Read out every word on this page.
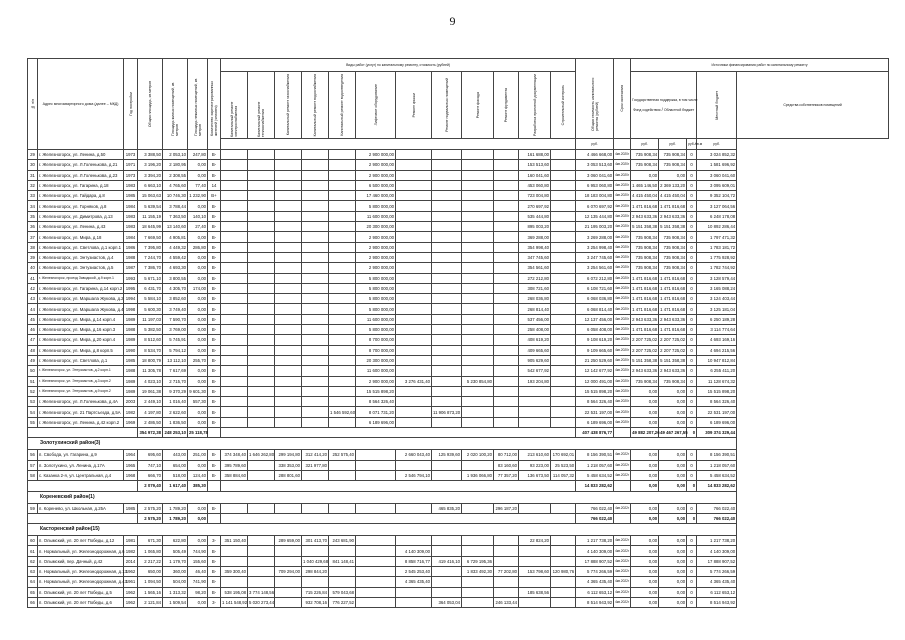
9
№ п/п	Адрес многоквартирного дома (далее – МКД)	Год постройки	Общая площадь, кв.метров	Площадь жилых помещений, кв. метров	Площадь нежилых помещений, кв. метров	Количество зарегистрированных жителей (человек)	Виды работ (услуг) по капитальному ремонту, стоимость (рублей)												Общая стоимость капитального ремонта (рублей)	Срок окончания	Источники финансирования работ по капитальному ремонту				

							Капитальный ремонт электроснабжения	Капитальный ремонт теплоснабжения	Капитальный ремонт газоснабжения	Капитальный ремонт водоснабжения	Капитальный ремонт водоотведения	Лифтовое оборудование	Ремонт крыши	Ремонт подвальных помещений	Ремонт фасада	Ремонт фундамента	Разработка проектной документации	Строительный контроль			Государственная поддержка, в том числе
Фонд содействия / Областной бюджет			Местный бюджет	Средства собственников помещений
																			руб.		руб.	руб.	руб./кв.м	руб.	
29	г. Железногорск, ул. Ленина, д.50	1973	3 388,50	2 053,10	247,80	В-						2 900 000,00					161 688,00		4 466 668,00	4кв.2020г	735 908,34	735 908,34	0	3 024 852,32	
30	г. Железногорск, ул. Л.Голенькова, д.21	1971	3 196,20	2 180,95	0,00	В-						2 900 000,00					153 513,60		3 053 513,60	4кв.2020г	735 908,34	735 908,34	0	1 581 696,92	
31	г. Железногорск, ул. Л.Голенькова, д.23	1973	3 394,20	2 308,55	0,00	В-						2 900 000,00					160 041,60		3 060 041,60	4кв.2020г	0,00	0,00	0	3 060 041,60	
32	г. Железногорск, ул. Гагарина, д.18	1983	6 663,10	4 765,60	77,40	14						6 500 000,00					453 060,80		6 953 060,80	4кв.2020г	1 465 146,50	2 369 133,20	0	3 095 609,01	
33	г. Железногорск, ул. Гайдара, д.8	1985	15 063,63	10 746,30	1 232,90	В+						17 460 000,00					723 004,80		18 183 004,80	4кв.2020г	4 415 450,04	4 415 450,04	0	9 352 104,72	
34	г. Железногорск, ул. Горняков, д.8	1984	5 639,54	3 788,44	0,00	В-						5 800 000,00					270 697,92		6 070 697,92	4кв.2020г	1 471 816,68	1 471 816,68	0	3 127 064,56	
35	г. Железногорск, ул. Димитрова, д.13	1983	11 155,19	7 363,50	140,10	В-						11 600 000,00					535 444,80		12 135 444,80	4кв.2020г	2 943 633,36	2 943 633,36	0	6 248 178,08	
36	г. Железногорск, ул. Ленина, д.43	1983	18 645,99	13 140,60	27,40	В-						20 300 000,00					895 003,20		21 195 003,20	4кв.2020г	5 151 358,38	5 151 358,38	0	10 892 286,44	
37	г. Железногорск, ул. Мира, д.18	1984	7 669,50	4 905,81	0,00	В-						2 900 000,00					369 288,00		3 269 288,00	4кв.2020г	735 908,34	735 908,34	0	1 797 471,32	
38	г. Железногорск, ул. Светлова, д.1 корп.1	1986	7 395,80	4 449,32	286,80	В-						2 900 000,00					354 998,40		3 254 998,40	4кв.2020г	735 908,34	735 908,34	0	1 783 181,72	
39	г. Железногорск, ул. Энтузиастов, д.4	1988	7 244,70	4 559,42	0,00	В-						2 900 000,00					347 745,60		3 247 745,60	4кв.2020г	735 908,34	735 908,34	0	1 775 928,92	
40	г. Железногорск, ул. Энтузиастов, д.5	1987	7 386,70	4 693,30	0,00	В-						2 900 000,00					354 561,60		3 254 561,60	4кв.2020г	735 908,34	735 908,34	0	1 782 744,92	
41	г. Железногорск, проезд Заводской, д.9 корп.1	1993	5 671,10	3 800,55	0,00	В-						5 800 000,00					272 212,80		6 072 212,80	4кв.2020г	1 471 816,68	1 471 816,68	0	3 128 579,44	
42	г. Железногорск, ул. Гагарина, д.14 корп.2	1995	6 431,70	4 305,70	174,00	В-						5 800 000,00					308 721,60		6 108 721,60	4кв.2020г	1 471 816,68	1 471 816,68	0	3 165 088,24	
43	г. Железногорск, ул. Маршала Жукова, д.2	1994	5 584,10	3 852,60	0,00	В-						5 800 000,00					268 036,80		6 068 036,80	4кв.2020г	1 471 816,68	1 471 816,68	0	3 124 403,44	
44	г. Железногорск, ул. Маршала Жукова, д.4	1998	5 600,30	3 749,40	0,00	В-						5 800 000,00					268 814,40		6 068 814,40	4кв.2020г	1 471 816,68	1 471 816,68	0	3 125 181,04	
45	г. Железногорск, ул. Мира, д.14 корп.4	1989	11 197,03	7 590,70	0,00	В-						11 600 000,00					537 456,00		12 137 456,00	4кв.2020г	2 943 633,36	2 943 633,36	0	6 250 189,28	
46	г. Железногорск, ул. Мира, д.16 корп.3	1988	5 382,50	3 769,00	0,00	В-						5 800 000,00					258 408,00		6 058 408,00	4кв.2020г	1 471 816,68	1 471 816,68	0	3 114 774,64	
47	г. Железногорск, ул. Мира, д.20 корп.4	1989	8 512,60	5 745,91	0,00	В-						8 700 000,00					408 619,20		9 108 619,20	4кв.2020г	2 207 725,02	2 207 725,02	0	4 693 169,16	
48	г. Железногорск, ул. Мира, д.8 корп.5	1990	8 534,70	5 794,12	0,00	В-						8 700 000,00					409 665,60		9 109 665,60	4кв.2020г	2 207 725,02	2 207 725,02	0	4 694 215,56	
49	г. Железногорск, ул. Светлова, д.1	1985	18 800,79	13 112,10	255,70	В-						20 300 000,00					905 629,60		21 250 529,60	4кв.2020г	5 151 358,38	5 151 358,38	0	10 947 812,84	
50	г. Железногорск, ул. Энтузиастов, д.2 корп.1	1988	11 305,78	7 617,69	0,00	В-						11 600 000,00					542 677,92		12 142 677,92	4кв.2020г	2 943 633,36	2 943 633,36	0	6 255 411,20	
51	г. Железногорск, ул. Энтузиастов, д.3 корп.2	1989	4 023,10	2 715,70	0,00	В-						2 900 000,00	3 276 431,40		5 230 854,80		193 204,80		12 000 491,00	4кв.2020г	735 908,34	735 908,34	0	11 128 674,32	
52	г. Железногорск, ул. Энтузиастов, д.9 корп.2	1989	19 061,38	9 370,29	9 601,30	В-						15 515 898,20							15 515 898,20	4кв.2020г	0,00	0,00	0	15 515 898,20	
53	г. Железногорск, ул. Л.Голенькова, д.4А	2003	2 449,10	1 016,40	557,30	В-						8 564 326,40							8 564 326,40	4кв.2020г	0,00	0,00	0	8 564 326,40	
54	г. Железногорск, ул. 21 Партсъезда, д.5А	1982	4 197,80	2 622,60	0,00	В-					1 546 592,60	8 071 731,20		11 906 873,20					22 531 197,00	4кв.2020г	0,00	0,00	0	22 531 197,00	
55	г. Железногорск, ул. Ленина, д.42 корп.2	1969	2 486,50	1 836,50	0,00	В-						6 189 696,00							6 189 696,00	4кв.2020г	0,00	0,00	0	6 189 696,00	
			354 972,38	248 253,10	25 118,78														407 438 876,77		49 882 207,26	49 467 267,55	0	309 374 329,44	
Золотухинский район(3)																									
56	п. Свобода, ул. Гагарина, д.9	1964	695,60	443,00	251,00	В-	374 348,40	1 646 262,80	299 194,80	312 414,20	252 575,40		2 660 043,40	125 939,60	2 020 100,20	80 712,00	213 610,60	170 692,01	8 156 390,51	4кв.2022г	0,00	0,00	0	8 156 390,51	
57	п. Золотухино, ул. Ленина, д.17А	1965	747,10	654,00	0,00	В-	395 789,60		338 353,00	321 977,80						83 160,60	93 223,00	25 523,50	1 218 057,60	4кв.2022г	0,00	0,00	0	1 218 057,60	
58	с. Казанка 2-я, ул. Центральная, д.4	1968	666,70	518,00	124,40	В-	358 884,60		288 801,60				2 546 794,10		1 936 066,80	77 357,20	136 673,50	114 057,32	5 458 634,52	4кв.2022г	0,00	0,00	0	5 458 634,52	
			2 079,40	1 617,40	385,30														14 833 282,62		0,00	0,00	0	14 833 282,62	
Кореневский район(1)																									
59	п. Коренево, ул. Школьная, д.25А	1985	2 575,20	1 789,20	0,00	В-								465 835,20		296 187,20			766 022,40	4кв.2022г	0,00	0,00	0	766 022,40	
			2 575,20	1 789,20	0,00														766 022,40		0,00	0,00	0	766 022,40	
Касторенский район(15)																									
60	п. Олымский, ул. 20 лет Победы, д.12	1981	671,30	622,80	0,00	3-	351 150,40		289 659,00	301 413,70	243 681,90						22 824,20		1 217 738,20	4кв.2022г	0,00	0,00	0	1 217 738,20	
61	п. Нормальный, ул. Железнодорожная, д.6	1982	1 065,80	505,49	744,90	В-							4 140 309,00						4 140 309,00	4кв.2022г	0,00	0,00	0	4 140 309,00	
62	п. Олымский, пер. Дачный, д.42	2014	2 217,22	1 179,70	155,60	В-				1 040 429,68	841 148,41		8 858 716,77	419 416,10	6 729 195,36				17 888 907,52	4кв.2022г	0,00	0,00	0	17 888 907,52	
63	п. Нормальный, ул. Железнодорожная, д.13	1962	650,00	360,00	46,40	В-	359 300,40		709 294,00	298 844,20			2 545 253,40		1 833 492,30	77 202,80	153 798,60	120 980,76	5 774 266,59	4кв.2022г	0,00	0,00	0	5 774 266,59	
64	п. Нормальный, ул. Железнодорожная, д.43	1961	1 094,50	504,00	741,90	В-							4 365 435,40						4 365 435,40	4кв.2022г	0,00	0,00	0	4 365 435,40	
65	п. Олымский, ул. 20 лет Победы, д.5	1962	1 565,16	1 313,32	98,20	В-	538 195,08	3 774 148,56		715 226,84	579 043,68						185 638,56		6 112 653,12	4кв.2022г	0,00	0,00	0	6 112 653,12	
66	п. Олымский, ул. 20 лет Победы, д.6	1962	2 121,84	1 509,54	0,00	3-	1 141 548,92	5 020 273,44		932 708,16	776 227,52			364 053,04		246 133,44			8 514 943,92	4кв.2022г	0,00	0,00	0	8 514 943,92	
